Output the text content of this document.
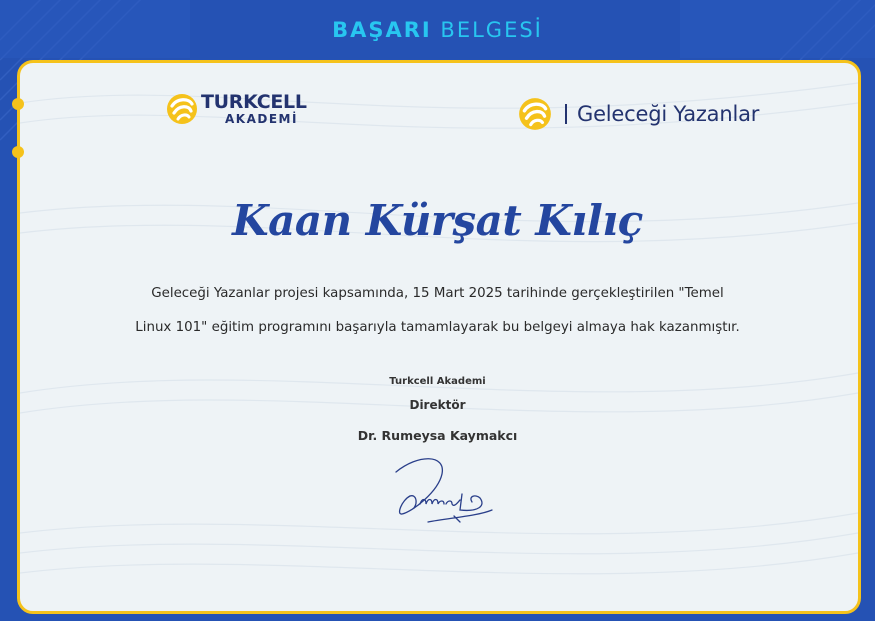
BAŞARI BELGESİ
TURKCELL
AKADEMİ	Geleceği Yazanlar
Kaan Kürşat Kılıç
Geleceği Yazanlar projesi kapsamında, 15 Mart 2025 tarihinde gerçekleştirilen "Temel
Linux 101" eğitim programını başarıyla tamamlayarak bu belgeyi almaya hak kazanmıştır.
Turkcell Akademi
Direktör
Dr. Rumeysa Kaymakcı
